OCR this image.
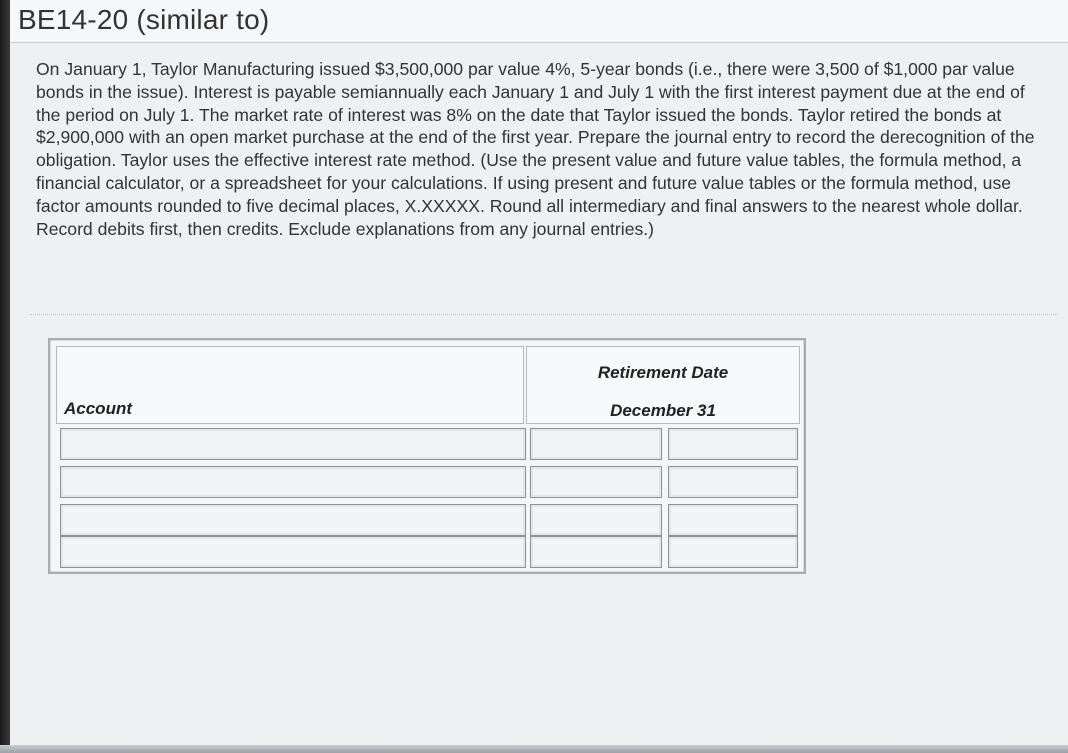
BE14-20 (similar to)

On January 1, Taylor Manufacturing issued $3,500,000 par value 4%, 5-year bonds (i.e., there were 3,500 of $1,000 par value bonds in the issue). Interest is payable semiannually each January 1 and July 1 with the first interest payment due at the end of the period on July 1. The market rate of interest was 8% on the date that Taylor issued the bonds. Taylor retired the bonds at $2,900,000 with an open market purchase at the end of the first year. Prepare the journal entry to record the derecognition of the obligation. Taylor uses the effective interest rate method. (Use the present value and future value tables, the formula method, a financial calculator, or a spreadsheet for your calculations. If using present and future value tables or the formula method, use factor amounts rounded to five decimal places, X.XXXXX. Round all intermediary and final answers to the nearest whole dollar. Record debits first, then credits. Exclude explanations from any journal entries.)

Account
Retirement Date
December 31
